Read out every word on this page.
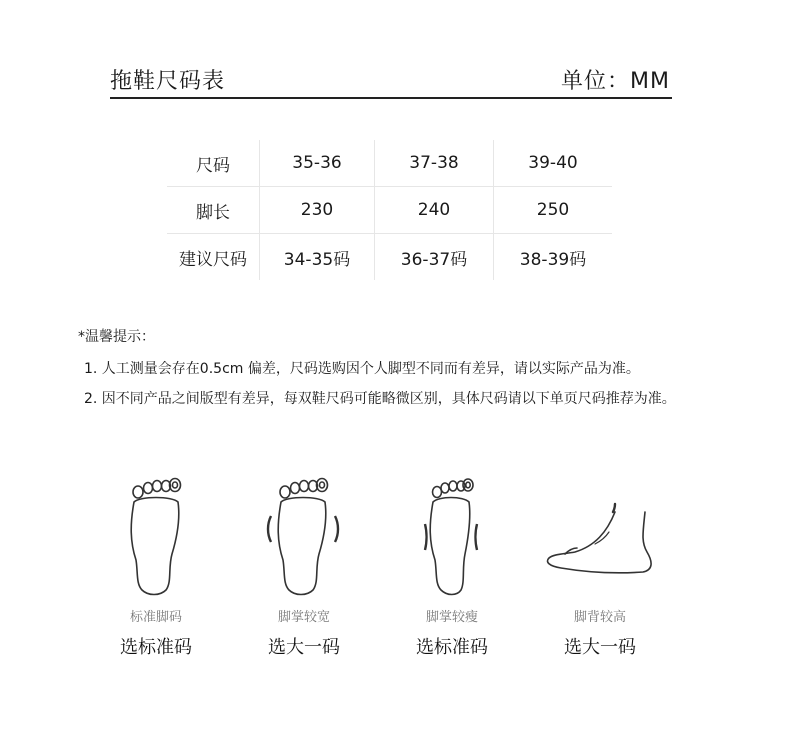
拖鞋尺码表	单位：MM
尺码	35-36	37-38	39-40
脚长	230	240	250
建议尺码	34-35码	36-37码	38-39码
*温馨提示：
1. 人工测量会存在0.5cm 偏差，尺码选购因个人脚型不同而有差异，请以实际产品为准。
2. 因不同产品之间版型有差异，每双鞋尺码可能略微区别，具体尺码请以下单页尺码推荐为准。
标准脚码
选标准码
脚掌较宽
选大一码
脚掌较瘦
选标准码
脚背较高
选大一码
